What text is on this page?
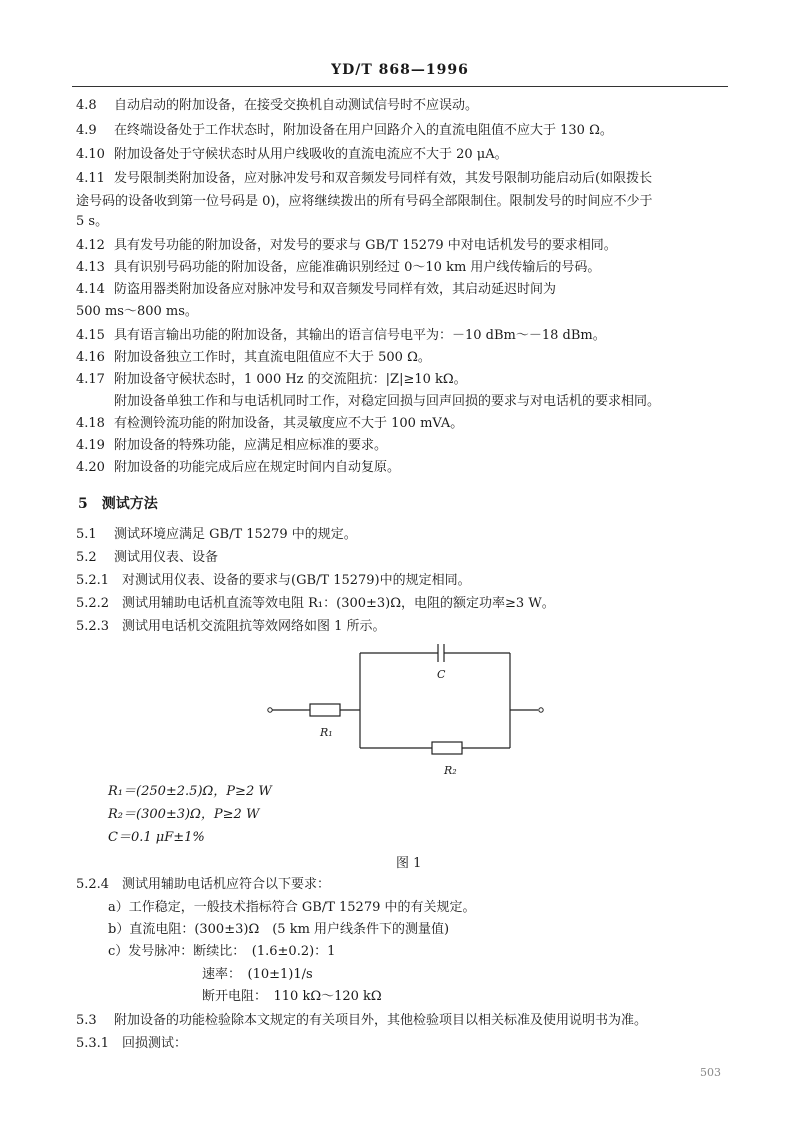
YD/T 868—1996
4.8 自动启动的附加设备，在接受交换机自动测试信号时不应误动。
4.9 在终端设备处于工作状态时，附加设备在用户回路介入的直流电阻值不应大于 130 Ω。
4.10 附加设备处于守候状态时从用户线吸收的直流电流应不大于 20 μA。
4.11 发号限制类附加设备，应对脉冲发号和双音频发号同样有效，其发号限制功能启动后(如限拨长
途号码的设备收到第一位号码是 0)，应将继续拨出的所有号码全部限制住。限制发号的时间应不少于
5 s。
4.12 具有发号功能的附加设备，对发号的要求与 GB/T 15279 中对电话机发号的要求相同。
4.13 具有识别号码功能的附加设备，应能准确识别经过 0～10 km 用户线传输后的号码。
4.14 防盗用器类附加设备应对脉冲发号和双音频发号同样有效，其启动延迟时间为
500 ms～800 ms。
4.15 具有语言输出功能的附加设备，其输出的语言信号电平为：－10 dBm～－18 dBm。
4.16 附加设备独立工作时，其直流电阻值应不大于 500 Ω。
4.17 附加设备守候状态时，1 000 Hz 的交流阻抗：|Z|≥10 kΩ。
附加设备单独工作和与电话机同时工作，对稳定回损与回声回损的要求与对电话机的要求相同。
4.18 有检测铃流功能的附加设备，其灵敏度应不大于 100 mVA。
4.19 附加设备的特殊功能，应满足相应标准的要求。
4.20 附加设备的功能完成后应在规定时间内自动复原。
5　测试方法
5.1 测试环境应满足 GB/T 15279 中的规定。
5.2 测试用仪表、设备
5.2.1 对测试用仪表、设备的要求与(GB/T 15279)中的规定相同。
5.2.2 测试用辅助电话机直流等效电阻 R₁：(300±3)Ω，电阻的额定功率≥3 W。
5.2.3 测试用电话机交流阻抗等效网络如图 1 所示。
C
R₁
R₂
R₁＝(250±2.5)Ω，P≥2 W
R₂＝(300±3)Ω，P≥2 W
C＝0.1 μF±1%
图 1
5.2.4 测试用辅助电话机应符合以下要求：
a）工作稳定，一般技术指标符合 GB/T 15279 中的有关规定。
b）直流电阻：(300±3)Ω　(5 km 用户线条件下的测量值)
c）发号脉冲：断续比：　(1.6±0.2)：1
速率：　(10±1)1/s
断开电阻：　110 kΩ～120 kΩ
5.3 附加设备的功能检验除本文规定的有关项目外，其他检验项目以相关标准及使用说明书为准。
5.3.1 回损测试：
503
